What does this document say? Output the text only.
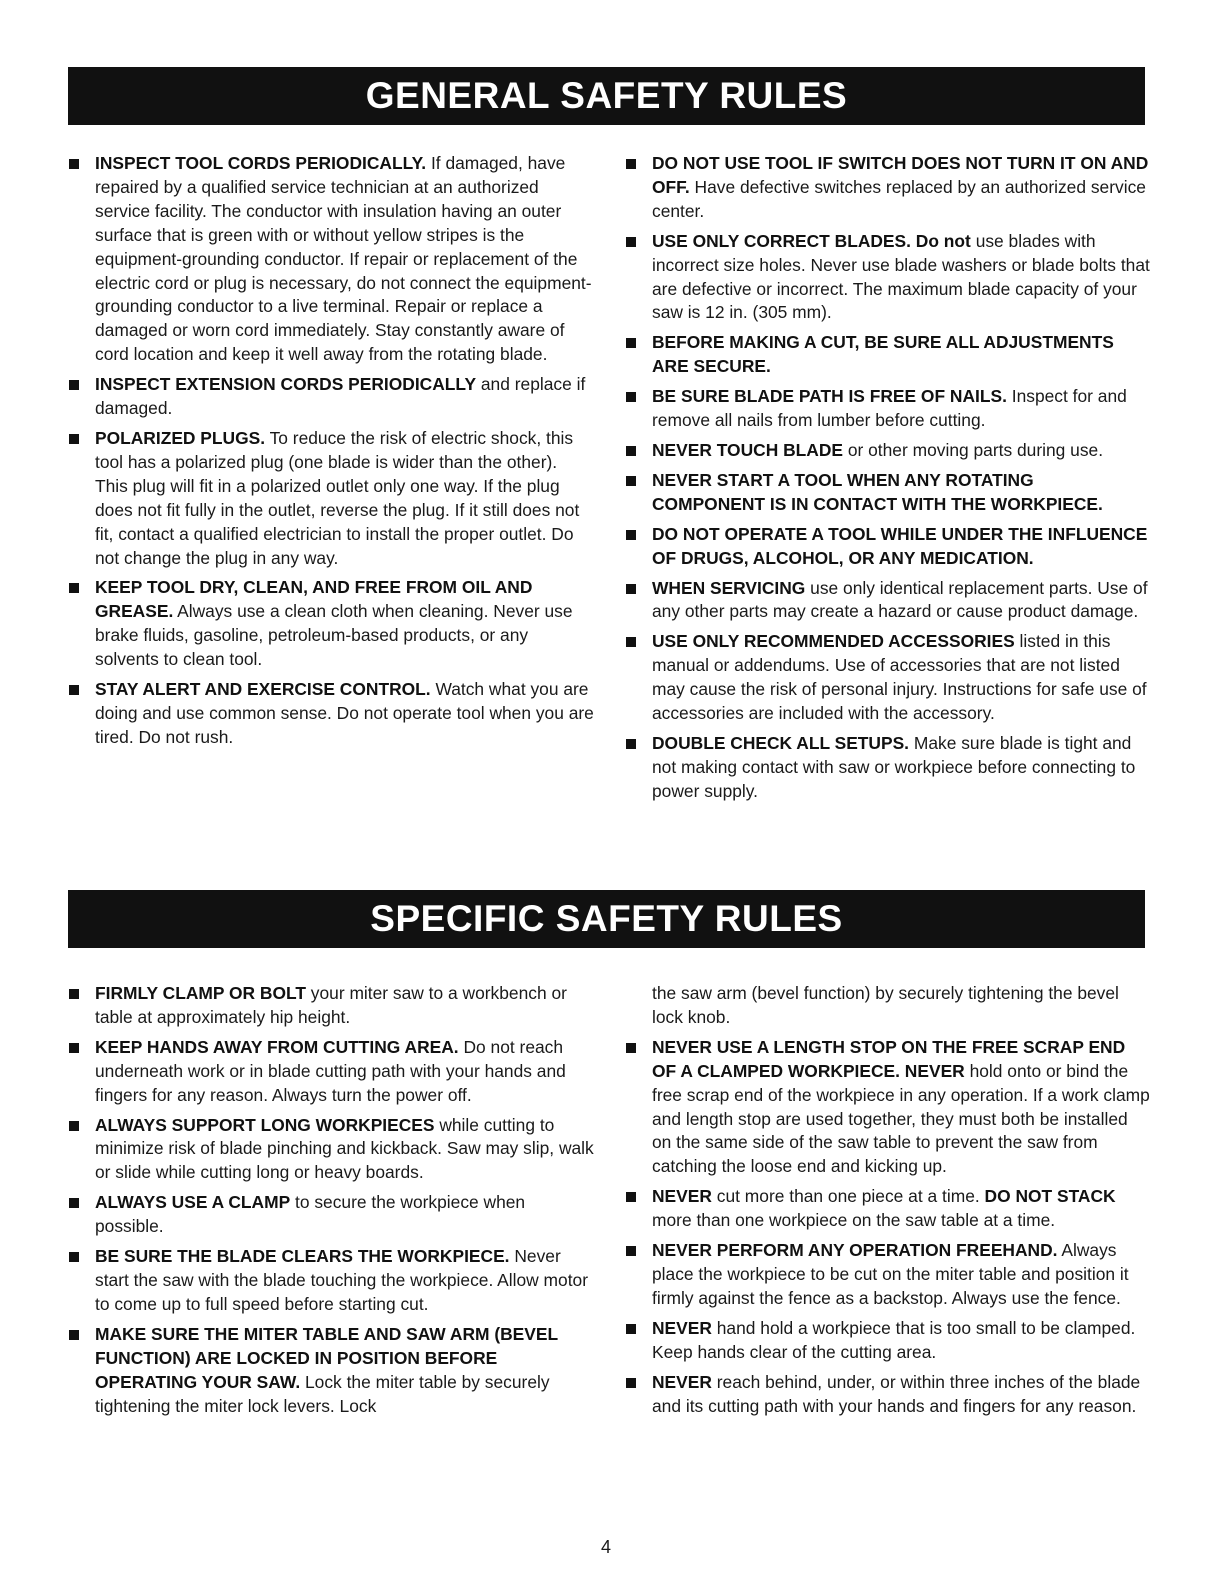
GENERAL SAFETY RULES
INSPECT TOOL CORDS PERIODICALLY. If damaged, have repaired by a qualified service technician at an authorized service facility. The conductor with insulation having an outer surface that is green with or without yellow stripes is the equipment-grounding conductor. If repair or replacement of the electric cord or plug is necessary, do not connect the equipment-grounding conductor to a live terminal. Repair or replace a damaged or worn cord immediately. Stay constantly aware of cord location and keep it well away from the rotating blade.
INSPECT EXTENSION CORDS PERIODICALLY and replace if damaged.
POLARIZED PLUGS. To reduce the risk of electric shock, this tool has a polarized plug (one blade is wider than the other). This plug will fit in a polarized outlet only one way. If the plug does not fit fully in the outlet, reverse the plug. If it still does not fit, contact a qualified electrician to install the proper outlet. Do not change the plug in any way.
KEEP TOOL DRY, CLEAN, AND FREE FROM OIL AND GREASE. Always use a clean cloth when cleaning. Never use brake fluids, gasoline, petroleum-based products, or any solvents to clean tool.
STAY ALERT AND EXERCISE CONTROL. Watch what you are doing and use common sense. Do not operate tool when you are tired. Do not rush.
DO NOT USE TOOL IF SWITCH DOES NOT TURN IT ON AND OFF. Have defective switches replaced by an authorized service center.
USE ONLY CORRECT BLADES. Do not use blades with incorrect size holes. Never use blade washers or blade bolts that are defective or incorrect. The maximum blade capacity of your saw is 12 in. (305 mm).
BEFORE MAKING A CUT, BE SURE ALL ADJUSTMENTS ARE SECURE.
BE SURE BLADE PATH IS FREE OF NAILS. Inspect for and remove all nails from lumber before cutting.
NEVER TOUCH BLADE or other moving parts during use.
NEVER START A TOOL WHEN ANY ROTATING COMPONENT IS IN CONTACT WITH THE WORKPIECE.
DO NOT OPERATE A TOOL WHILE UNDER THE INFLUENCE OF DRUGS, ALCOHOL, OR ANY MEDICATION.
WHEN SERVICING use only identical replacement parts. Use of any other parts may create a hazard or cause product damage.
USE ONLY RECOMMENDED ACCESSORIES listed in this manual or addendums. Use of accessories that are not listed may cause the risk of personal injury. Instructions for safe use of accessories are included with the accessory.
DOUBLE CHECK ALL SETUPS. Make sure blade is tight and not making contact with saw or workpiece before connecting to power supply.
SPECIFIC SAFETY RULES
FIRMLY CLAMP OR BOLT your miter saw to a workbench or table at approximately hip height.
KEEP HANDS AWAY FROM CUTTING AREA. Do not reach underneath work or in blade cutting path with your hands and fingers for any reason. Always turn the power off.
ALWAYS SUPPORT LONG WORKPIECES while cutting to minimize risk of blade pinching and kickback. Saw may slip, walk or slide while cutting long or heavy boards.
ALWAYS USE A CLAMP to secure the workpiece when possible.
BE SURE THE BLADE CLEARS THE WORKPIECE. Never start the saw with the blade touching the workpiece. Allow motor to come up to full speed before starting cut.
MAKE SURE THE MITER TABLE AND SAW ARM (BEVEL FUNCTION) ARE LOCKED IN POSITION BEFORE OPERATING YOUR SAW. Lock the miter table by securely tightening the miter lock levers. Lock
the saw arm (bevel function) by securely tightening the bevel lock knob.
NEVER USE A LENGTH STOP ON THE FREE SCRAP END OF A CLAMPED WORKPIECE. NEVER hold onto or bind the free scrap end of the workpiece in any operation. If a work clamp and length stop are used together, they must both be installed on the same side of the saw table to prevent the saw from catching the loose end and kicking up.
NEVER cut more than one piece at a time. DO NOT STACK more than one workpiece on the saw table at a time.
NEVER PERFORM ANY OPERATION FREEHAND. Always place the workpiece to be cut on the miter table and position it firmly against the fence as a backstop. Always use the fence.
NEVER hand hold a workpiece that is too small to be clamped. Keep hands clear of the cutting area.
NEVER reach behind, under, or within three inches of the blade and its cutting path with your hands and fingers for any reason.
4
